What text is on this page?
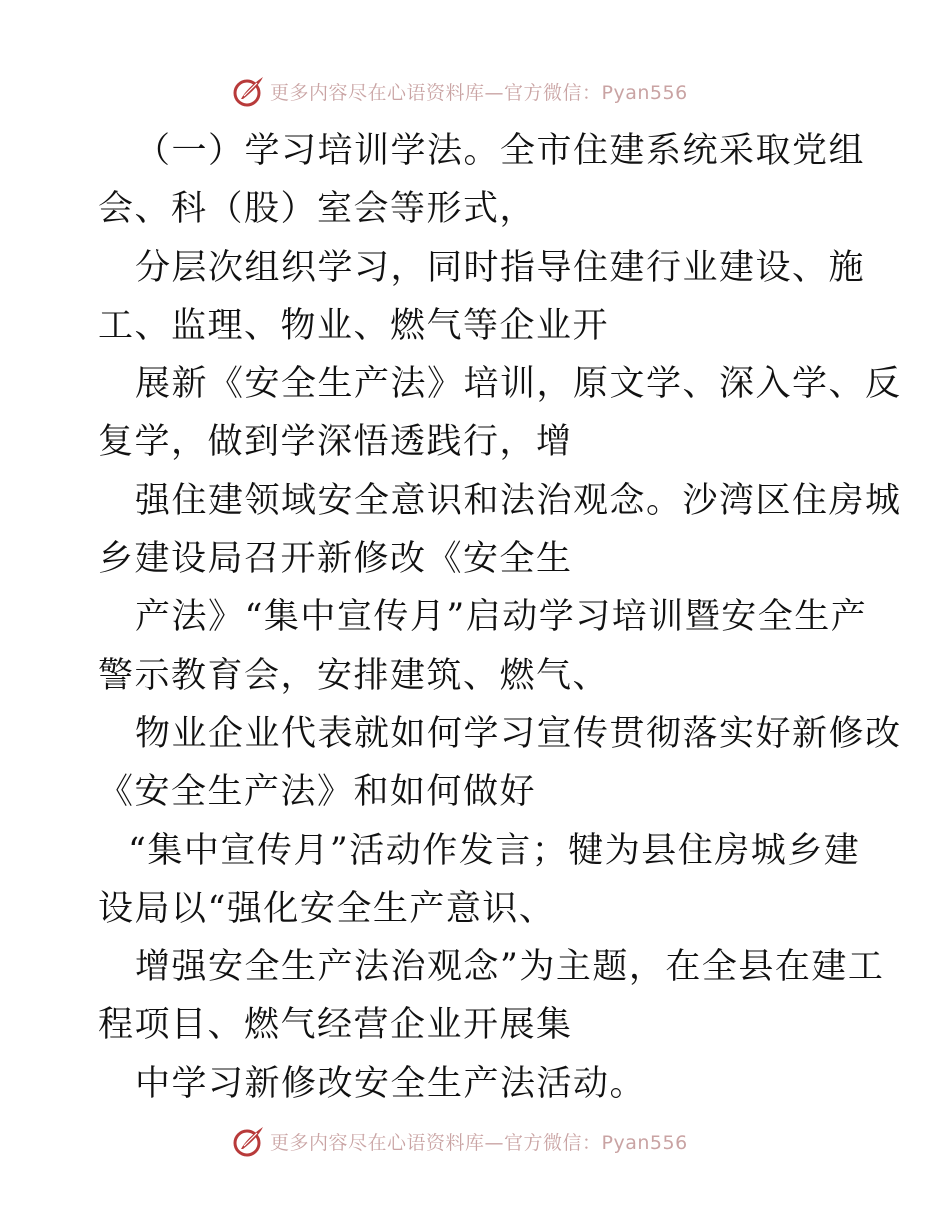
更多内容尽在心语资料库—官方微信：Pyan556
（一）学习培训学法。全市住建系统采取党组
会、科（股）室会等形式，
分层次组织学习，同时指导住建行业建设、施
工、监理、物业、燃气等企业开
展新《安全生产法》培训，原文学、深入学、反
复学，做到学深悟透践行，增
强住建领域安全意识和法治观念。沙湾区住房城
乡建设局召开新修改《安全生
产法》“集中宣传月”启动学习培训暨安全生产
警示教育会，安排建筑、燃气、
物业企业代表就如何学习宣传贯彻落实好新修改
《安全生产法》和如何做好
“集中宣传月”活动作发言；犍为县住房城乡建
设局以“强化安全生产意识、
增强安全生产法治观念”为主题，在全县在建工
程项目、燃气经营企业开展集
中学习新修改安全生产法活动。
更多内容尽在心语资料库—官方微信：Pyan556
